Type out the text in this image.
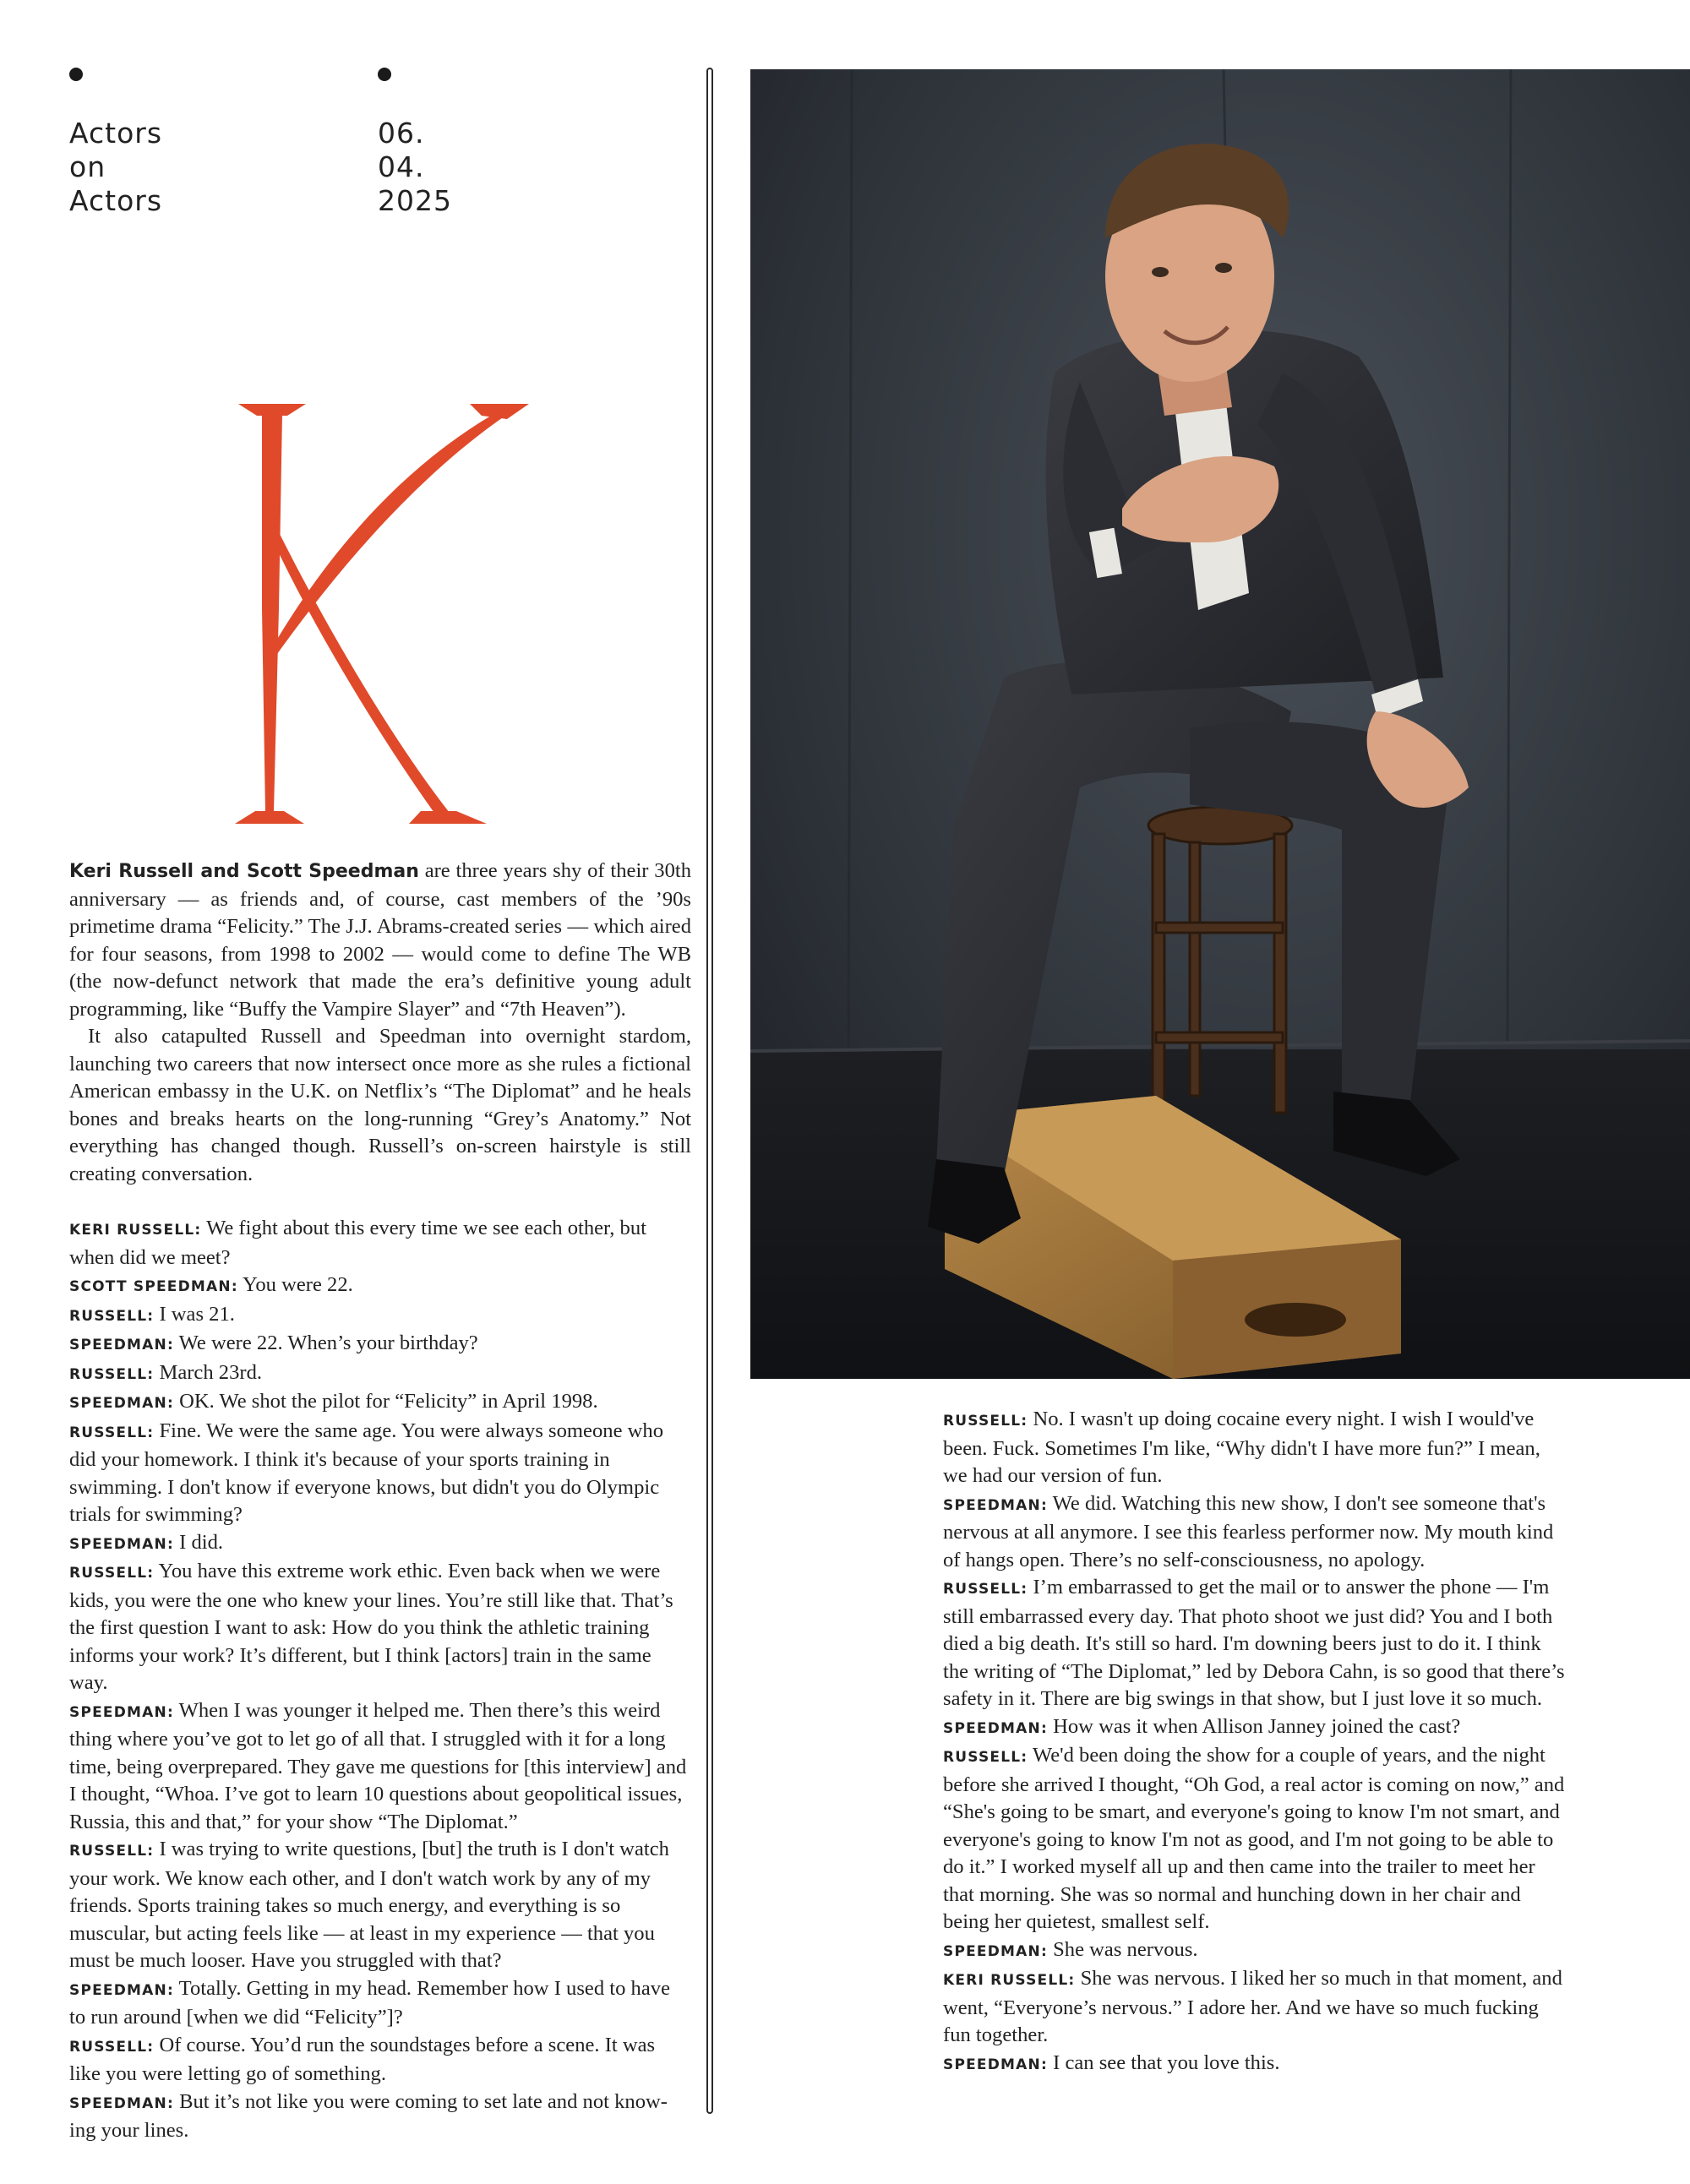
Actors
on
Actors
06.
04.
2025

Keri Russell and Scott Speedman are three years shy of their 30th anniversary — as friends and, of course, cast members of the ’90s primetime drama “Felicity.” The J.J. Abrams-created series — which aired for four seasons, from 1998 to 2002 — would come to define The WB (the now-defunct network that made the era’s definitive young adult programming, like “Buffy the Vampire Slayer” and “7th Heaven”).

It also catapulted Russell and Speedman into overnight stardom, launching two careers that now intersect once more as she rules a fictional American embassy in the U.K. on Netflix’s “The Diplomat” and he heals bones and breaks hearts on the long-running “Grey’s Anatomy.” Not everything has changed though. Russell’s on-screen hairstyle is still creating conversation.

KERI RUSSELL: We fight about this every time we see each other, but when did we meet?

SCOTT SPEEDMAN: You were 22.

RUSSELL: I was 21.

SPEEDMAN: We were 22. When’s your birthday?

RUSSELL: March 23rd.

SPEEDMAN: OK. We shot the pilot for “Felicity” in April 1998.

RUSSELL: Fine. We were the same age. You were always someone who did your homework. I think it's because of your sports training in swimming. I don't know if everyone knows, but didn't you do Olympic trials for swimming?

SPEEDMAN: I did.

RUSSELL: You have this extreme work ethic. Even back when we were kids, you were the one who knew your lines. You’re still like that. That’s the first question I want to ask: How do you think the athletic training informs your work? It’s different, but I think [actors] train in the same way.

SPEEDMAN: When I was younger it helped me. Then there’s this weird thing where you’ve got to let go of all that. I struggled with it for a long time, being overprepared. They gave me questions for [this interview] and I thought, “Whoa. I’ve got to learn 10 questions about geopolitical issues, Russia, this and that,” for your show “The Diplomat.”

RUSSELL: I was trying to write questions, [but] the truth is I don't watch your work. We know each other, and I don't watch work by any of my friends. Sports training takes so much energy, and everything is so muscular, but acting feels like — at least in my experience — that you must be much looser. Have you struggled with that?

SPEEDMAN: Totally. Getting in my head. Remember how I used to have to run around [when we did “Felicity”]?

RUSSELL: Of course. You’d run the soundstages before a scene. It was like you were letting go of something.

SPEEDMAN: But it’s not like you were coming to set late and not know-ing your lines.

RUSSELL: No. I wasn't up doing cocaine every night. I wish I would've been. Fuck. Sometimes I'm like, “Why didn't I have more fun?” I mean, we had our version of fun.

SPEEDMAN: We did. Watching this new show, I don't see someone that's nervous at all anymore. I see this fearless performer now. My mouth kind of hangs open. There’s no self-consciousness, no apology.

RUSSELL: I’m embarrassed to get the mail or to answer the phone — I'm still embarrassed every day. That photo shoot we just did? You and I both died a big death. It's still so hard. I'm downing beers just to do it. I think the writing of “The Diplomat,” led by Debora Cahn, is so good that there’s safety in it. There are big swings in that show, but I just love it so much.

SPEEDMAN: How was it when Allison Janney joined the cast?

RUSSELL: We'd been doing the show for a couple of years, and the night before she arrived I thought, “Oh God, a real actor is coming on now,” and “She's going to be smart, and everyone's going to know I'm not smart, and everyone's going to know I'm not as good, and I'm not going to be able to do it.” I worked myself all up and then came into the trailer to meet her that morning. She was so normal and hunching down in her chair and being her quietest, smallest self.

SPEEDMAN: She was nervous.

KERI RUSSELL: She was nervous. I liked her so much in that moment, and went, “Everyone’s nervous.” I adore her. And we have so much fucking fun together.

SPEEDMAN: I can see that you love this.
